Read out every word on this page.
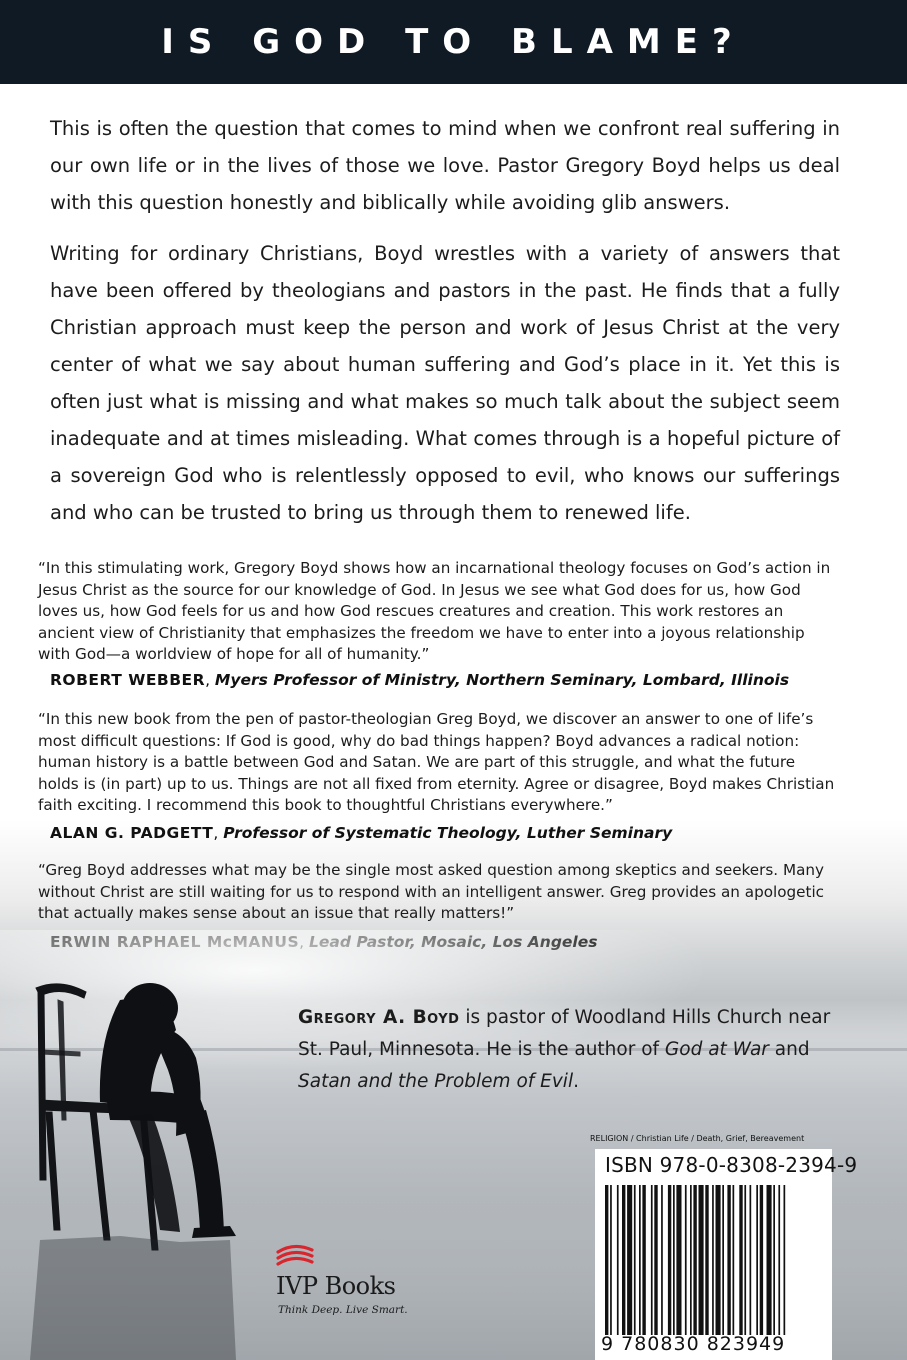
IS GOD TO BLAME?

This is often the question that comes to mind when we confront real suffering in our own life or in the lives of those we love. Pastor Gregory Boyd helps us deal with this question honestly and biblically while avoiding glib answers.

Writing for ordinary Christians, Boyd wrestles with a variety of answers that have been offered by theologians and pastors in the past. He finds that a fully Christian approach must keep the person and work of Jesus Christ at the very center of what we say about human suffering and God’s place in it. Yet this is often just what is missing and what makes so much talk about the subject seem inadequate and at times misleading. What comes through is a hopeful picture of a sovereign God who is relentlessly opposed to evil, who knows our sufferings and who can be trusted to bring us through them to renewed life.

“In this stimulating work, Gregory Boyd shows how an incarnational theology focuses on God’s action in Jesus Christ as the source for our knowledge of God. In Jesus we see what God does for us, how God loves us, how God feels for us and how God rescues creatures and creation. This work restores an ancient view of Christianity that emphasizes the freedom we have to enter into a joyous relationship with God—a worldview of hope for all of humanity.”

ROBERT WEBBER, Myers Professor of Ministry, Northern Seminary, Lombard, Illinois

“In this new book from the pen of pastor-theologian Greg Boyd, we discover an answer to one of life’s most difficult questions: If God is good, why do bad things happen? Boyd advances a radical notion: human history is a battle between God and Satan. We are part of this struggle, and what the future holds is (in part) up to us. Things are not all fixed from eternity. Agree or disagree, Boyd makes Christian faith exciting. I recommend this book to thoughtful Christians everywhere.”

ALAN G. PADGETT, Professor of Systematic Theology, Luther Seminary

“Greg Boyd addresses what may be the single most asked question among skeptics and seekers. Many without Christ are still waiting for us to respond with an intelligent answer. Greg provides an apologetic that actually makes sense about an issue that really matters!”

Gregory A. Boyd is pastor of Woodland Hills Church near St. Paul, Minnesota. He is the author of God at War and Satan and the Problem of Evil.

RELIGION / Christian Life / Death, Grief, Bereavement

ISBN 978-0-8308-2394-9
9 780830 823949
IVP Books
Think Deep. Live Smart.
